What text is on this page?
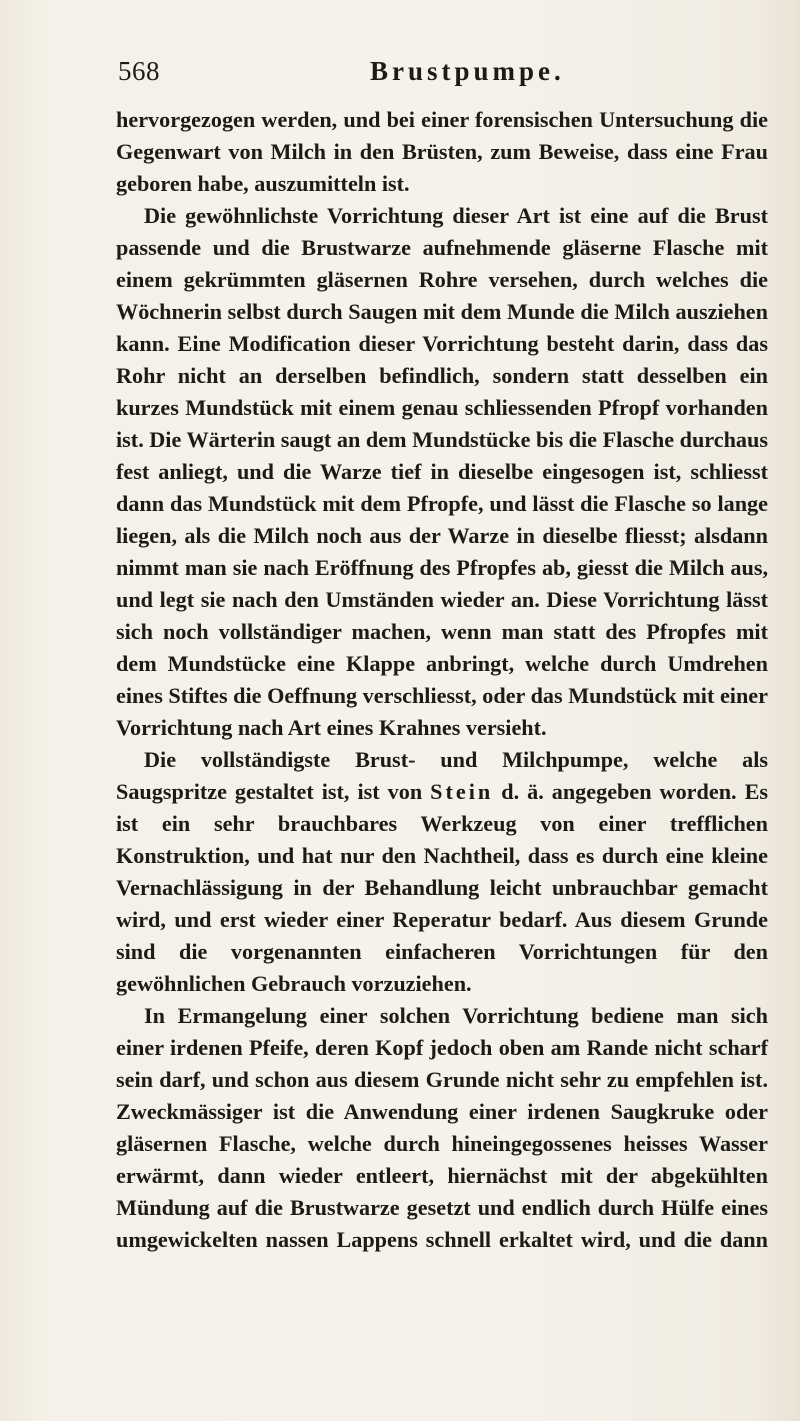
568	Brustpumpe.

hervorgezogen werden, und bei einer forensischen Untersuchung die Gegenwart von Milch in den Brüsten, zum Beweise, dass eine Frau geboren habe, auszumitteln ist.

Die gewöhnlichste Vorrichtung dieser Art ist eine auf die Brust passende und die Brustwarze aufnehmende gläserne Flasche mit einem gekrümmten gläsernen Rohre versehen, durch welches die Wöchnerin selbst durch Saugen mit dem Munde die Milch ausziehen kann. Eine Modification dieser Vorrichtung besteht darin, dass das Rohr nicht an derselben befindlich, sondern statt desselben ein kurzes Mundstück mit einem genau schliessenden Pfropf vorhanden ist. Die Wärterin saugt an dem Mundstücke bis die Flasche durchaus fest anliegt, und die Warze tief in dieselbe eingesogen ist, schliesst dann das Mundstück mit dem Pfropfe, und lässt die Flasche so lange liegen, als die Milch noch aus der Warze in dieselbe fliesst; alsdann nimmt man sie nach Eröffnung des Pfropfes ab, giesst die Milch aus, und legt sie nach den Umständen wieder an. Diese Vorrichtung lässt sich noch vollständiger machen, wenn man statt des Pfropfes mit dem Mundstücke eine Klappe anbringt, welche durch Umdrehen eines Stiftes die Oeffnung verschliesst, oder das Mundstück mit einer Vorrichtung nach Art eines Krahnes versieht.

Die vollständigste Brust- und Milchpumpe, welche als Saugspritze gestaltet ist, ist von Stein d. ä. angegeben worden. Es ist ein sehr brauchbares Werkzeug von einer trefflichen Konstruktion, und hat nur den Nachtheil, dass es durch eine kleine Vernachlässigung in der Behandlung leicht unbrauchbar gemacht wird, und erst wieder einer Reperatur bedarf. Aus diesem Grunde sind die vorgenannten einfacheren Vorrichtungen für den gewöhnlichen Gebrauch vorzuziehen.

In Ermangelung einer solchen Vorrichtung bediene man sich einer irdenen Pfeife, deren Kopf jedoch oben am Rande nicht scharf sein darf, und schon aus diesem Grunde nicht sehr zu empfehlen ist. Zweckmässiger ist die Anwendung einer irdenen Saugkruke oder gläsernen Flasche, welche durch hineingegossenes heisses Wasser erwärmt, dann wieder entleert, hiernächst mit der abgekühlten Mündung auf die Brustwarze gesetzt und endlich durch Hülfe eines umgewickelten nassen Lappens schnell erkaltet wird, und die dann
